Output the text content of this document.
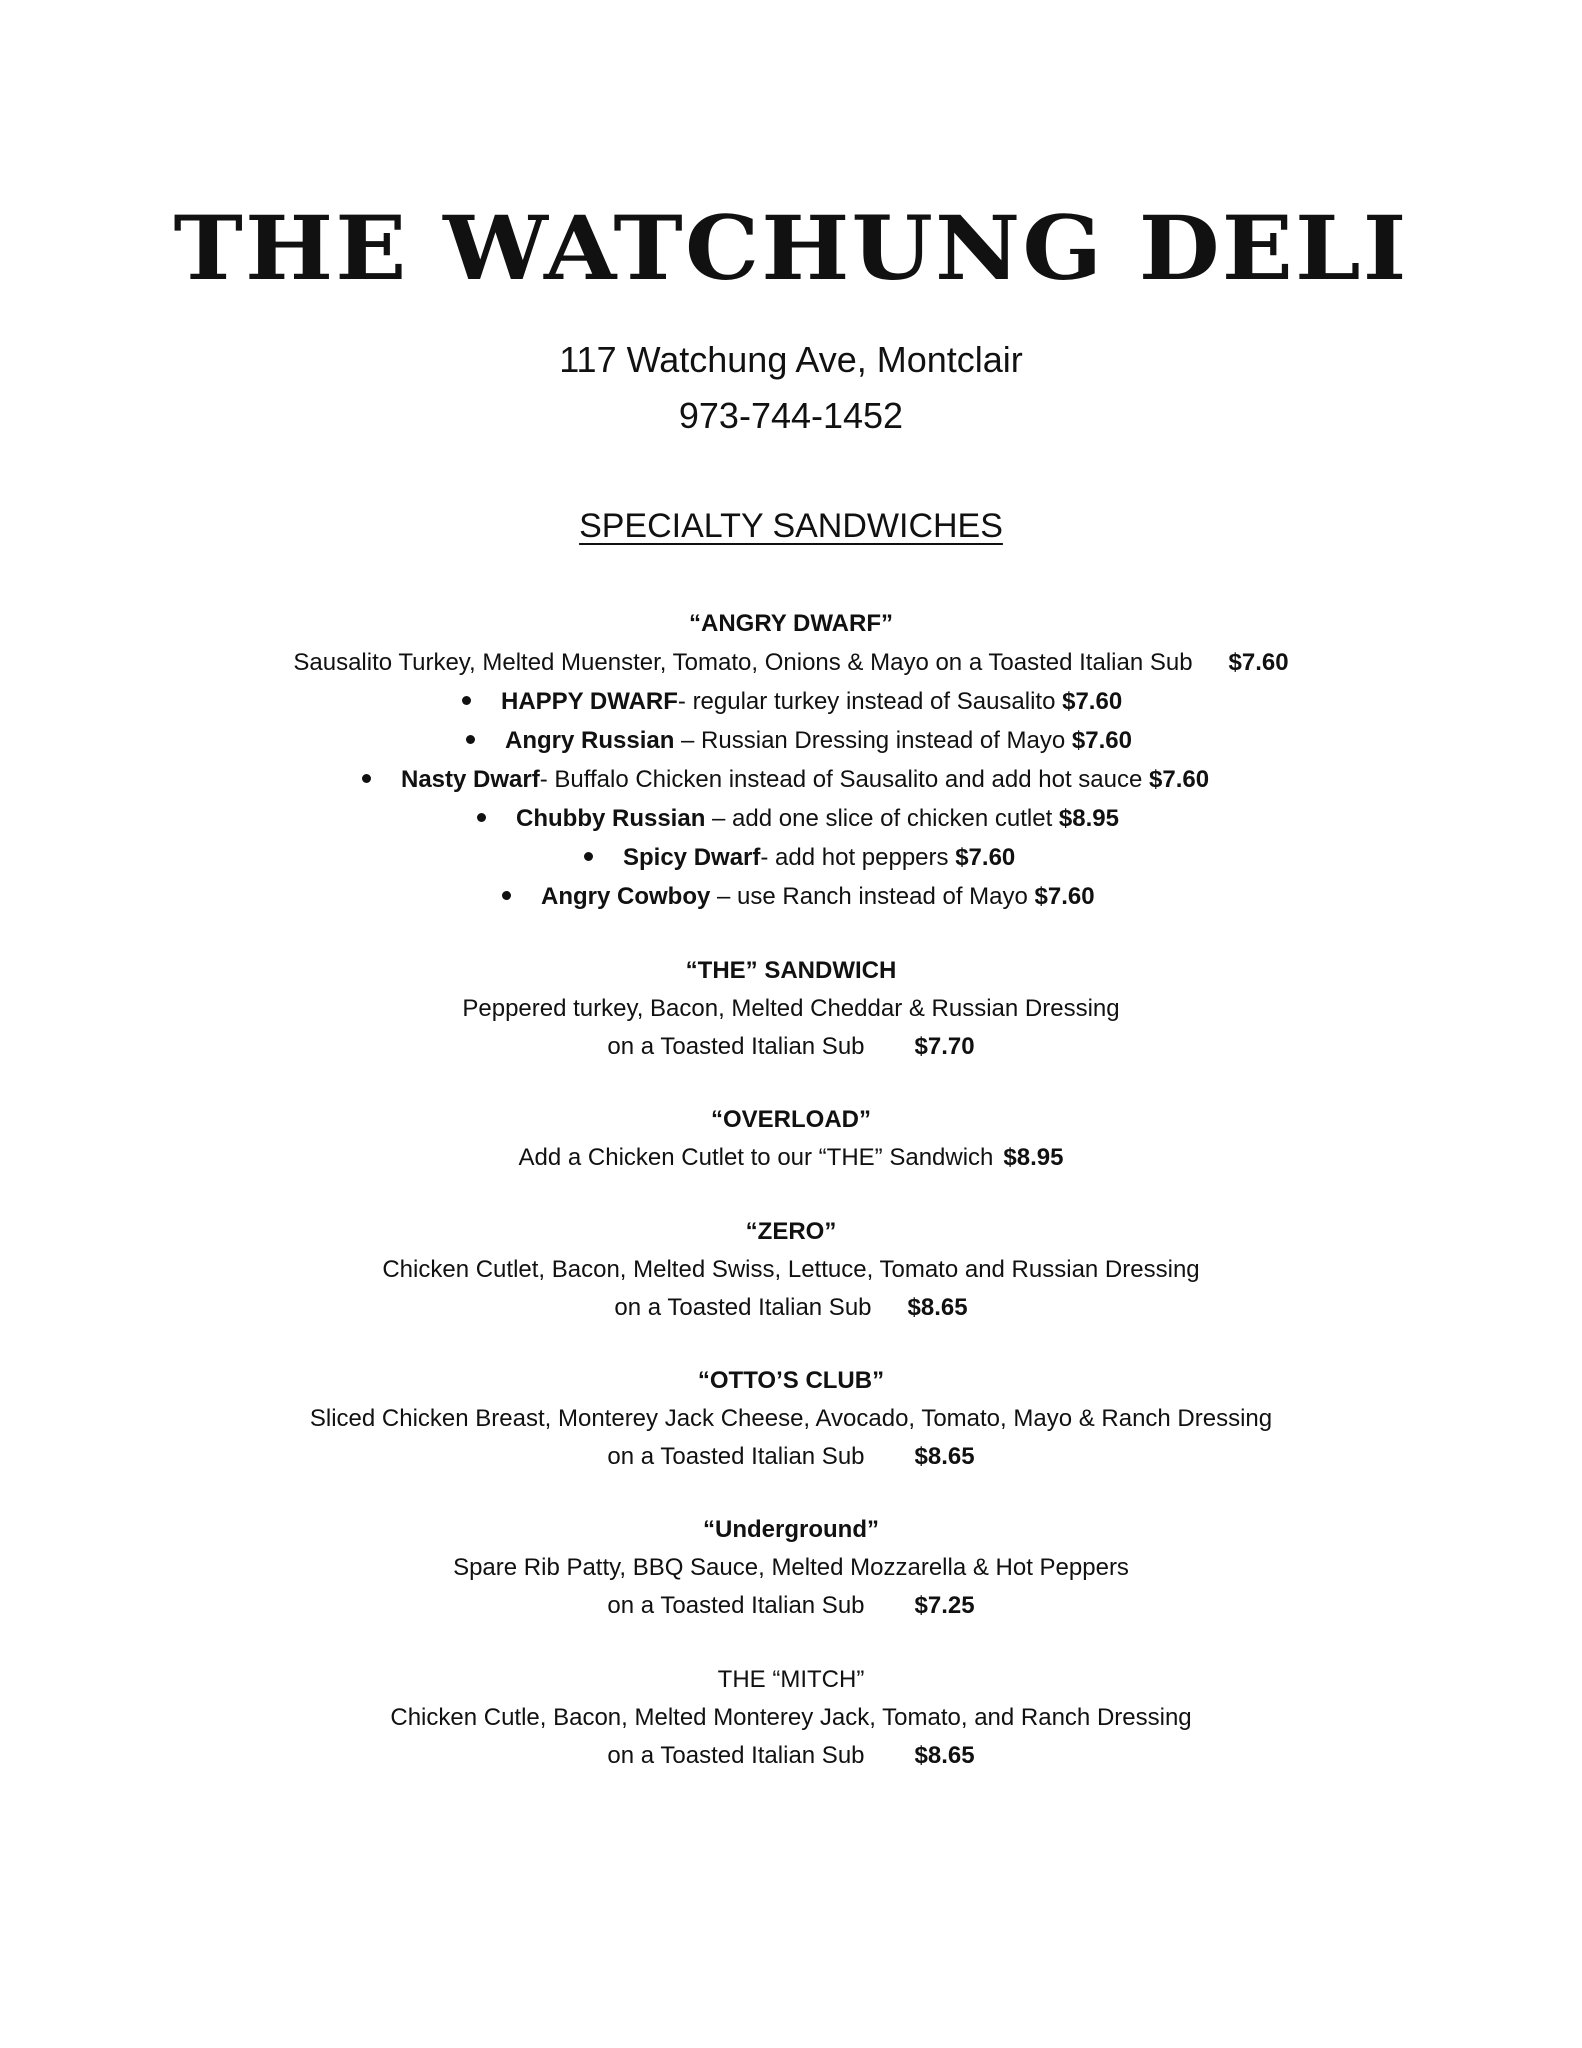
THE WATCHUNG DELI
117 Watchung Ave, Montclair
973-744-1452
SPECIALTY SANDWICHES
“ANGRY DWARF”
Sausalito Turkey, Melted Muenster, Tomato, Onions & Mayo on a Toasted Italian Sub $7.60
HAPPY DWARF- regular turkey instead of Sausalito $7.60
Angry Russian – Russian Dressing instead of Mayo $7.60
Nasty Dwarf- Buffalo Chicken instead of Sausalito and add hot sauce $7.60
Chubby Russian – add one slice of chicken cutlet $8.95
Spicy Dwarf- add hot peppers $7.60
Angry Cowboy – use Ranch instead of Mayo $7.60
“THE” SANDWICH
Peppered turkey, Bacon, Melted Cheddar & Russian Dressing
on a Toasted Italian Sub $7.70
“OVERLOAD”
Add a Chicken Cutlet to our “THE” Sandwich $8.95
“ZERO”
Chicken Cutlet, Bacon, Melted Swiss, Lettuce, Tomato and Russian Dressing
on a Toasted Italian Sub $8.65
“OTTO’S CLUB”
Sliced Chicken Breast, Monterey Jack Cheese, Avocado, Tomato, Mayo & Ranch Dressing
on a Toasted Italian Sub $8.65
“Underground”
Spare Rib Patty, BBQ Sauce, Melted Mozzarella & Hot Peppers
on a Toasted Italian Sub $7.25
THE “MITCH”
Chicken Cutle, Bacon, Melted Monterey Jack, Tomato, and Ranch Dressing
on a Toasted Italian Sub $8.65
